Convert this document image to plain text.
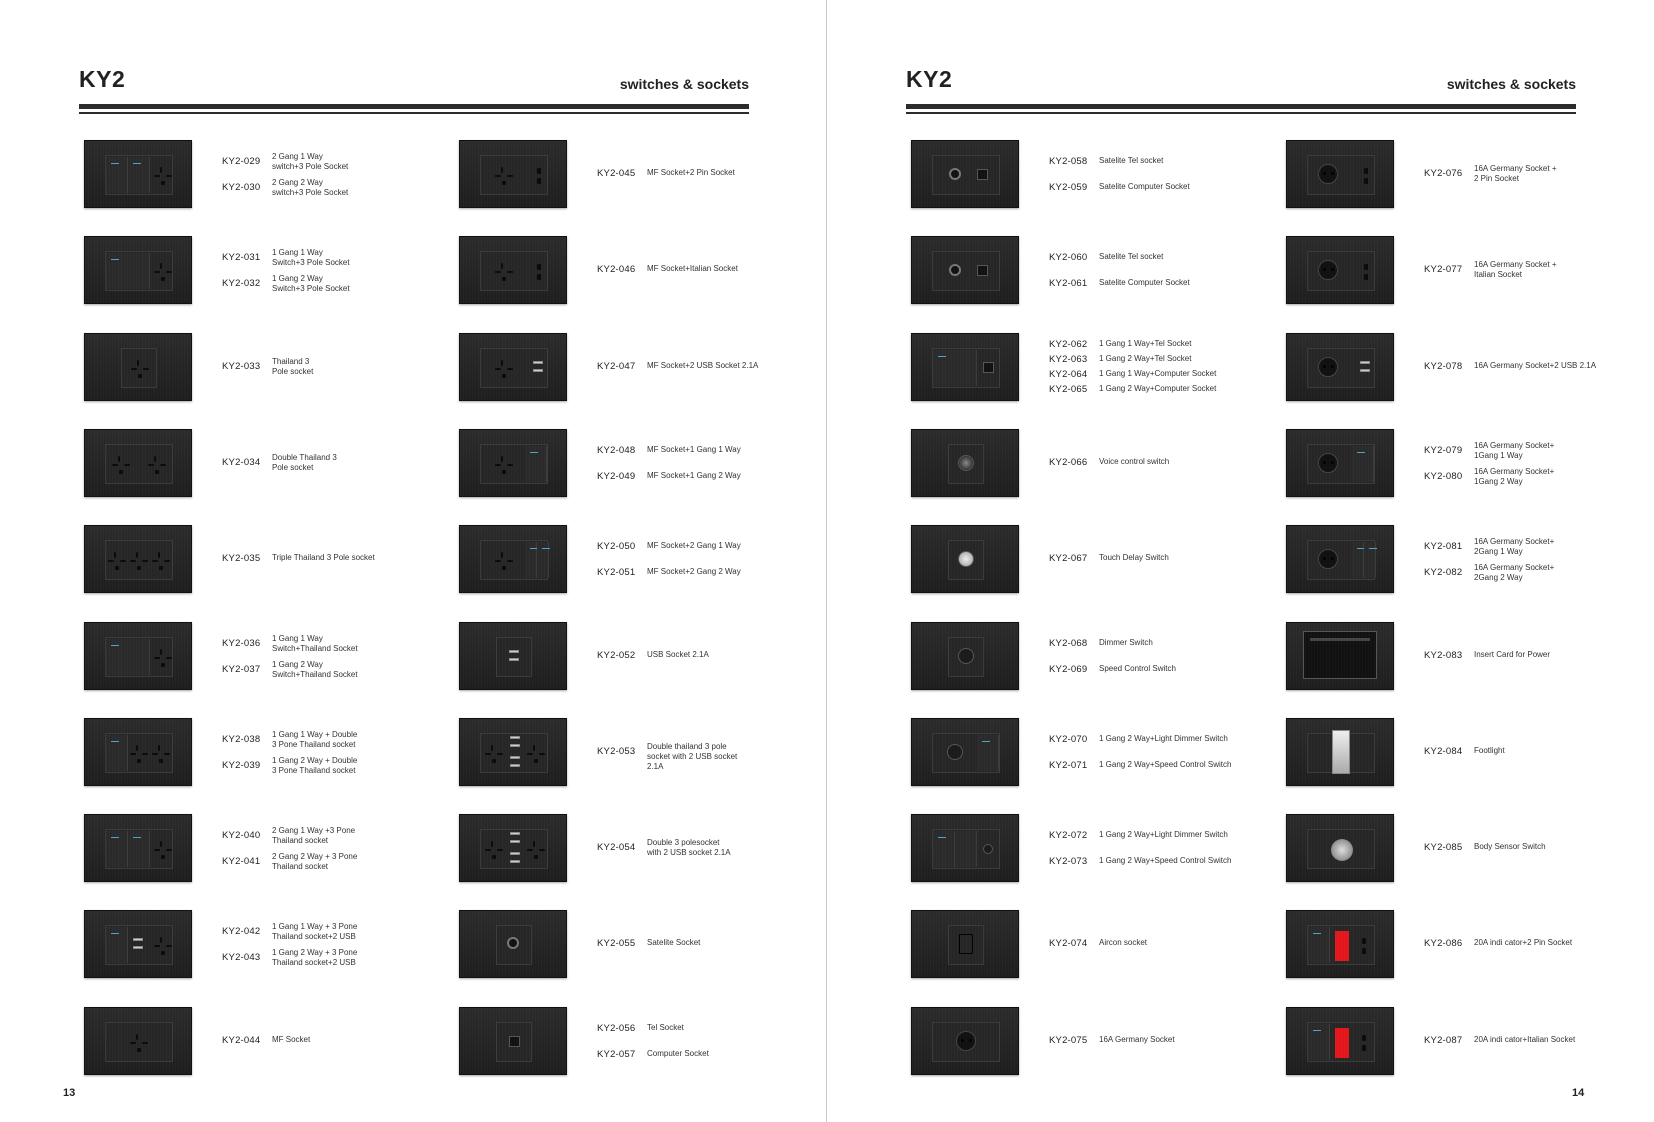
KY2	switches & sockets
KY2-029	2 Gang 1 Way
switch+3 Pole Socket
KY2-030	2 Gang 2 Way
switch+3 Pole Socket
KY2-031	1 Gang 1 Way
Switch+3 Pole Socket
KY2-032	1 Gang 2 Way
Switch+3 Pole Socket
KY2-033	Thailand 3
Pole socket
KY2-034	Double Thailand 3
Pole socket
KY2-035	Triple Thailand 3 Pole socket
KY2-036	1 Gang 1 Way
Switch+Thailand Socket
KY2-037	1 Gang 2 Way
Switch+Thailand Socket
KY2-038	1 Gang 1 Way + Double
3 Pone Thailand socket
KY2-039	1 Gang 2 Way + Double
3 Pone Thailand socket
KY2-040	2 Gang 1 Way +3 Pone
Thailand socket
KY2-041	2 Gang 2 Way + 3 Pone
Thailand socket
KY2-042	1 Gang 1 Way + 3 Pone
Thailand socket+2 USB
KY2-043	1 Gang 2 Way + 3 Pone
Thailand socket+2 USB
KY2-044	MF Socket
KY2-045	MF Socket+2 Pin Socket
KY2-046	MF Socket+Italian Socket
KY2-047	MF Socket+2 USB Socket 2.1A
KY2-048	MF Socket+1 Gang 1 Way
KY2-049	MF Socket+1 Gang 2 Way
KY2-050	MF Socket+2 Gang 1 Way
KY2-051	MF Socket+2 Gang 2 Way
KY2-052	USB Socket 2.1A
KY2-053	Double thailand 3 pole
socket with 2 USB socket
2.1A
KY2-054	Double 3 polesocket
with 2 USB socket 2.1A
KY2-055	Satelite Socket
KY2-056	Tel Socket
KY2-057	Computer Socket
13
KY2	switches & sockets
KY2-058	Satelite Tel socket
KY2-059	Satelite Computer Socket
KY2-060	Satelite Tel socket
KY2-061	Satelite Computer Socket
KY2-062	1 Gang 1 Way+Tel Socket
KY2-063	1 Gang 2 Way+Tel Socket
KY2-064	1 Gang 1 Way+Computer Socket
KY2-065	1 Gang 2 Way+Computer Socket
KY2-066	Voice control switch
KY2-067	Touch Delay Switch
KY2-068	Dimmer Switch
KY2-069	Speed Control Switch
KY2-070	1 Gang 2 Way+Light Dimmer Switch
KY2-071	1 Gang 2 Way+Speed Control Switch
KY2-072	1 Gang 2 Way+Light Dimmer Switch
KY2-073	1 Gang 2 Way+Speed Control Switch
KY2-074	Aircon socket
KY2-075	16A Germany Socket
KY2-076	16A Germany Socket +
2 Pin Socket
KY2-077	16A Germany Socket +
Italian Socket
KY2-078	16A Germany Socket+2 USB 2.1A
KY2-079	16A Germany Socket+
1Gang 1 Way
KY2-080	16A Germany Socket+
1Gang 2 Way
KY2-081	16A Germany Socket+
2Gang 1 Way
KY2-082	16A Germany Socket+
2Gang 2 Way
KY2-083	Insert Card for Power
KY2-084	Footlight
KY2-085	Body Sensor Switch
KY2-086	20A indi cator+2 Pin Socket
KY2-087	20A indi cator+Italian Socket
14
